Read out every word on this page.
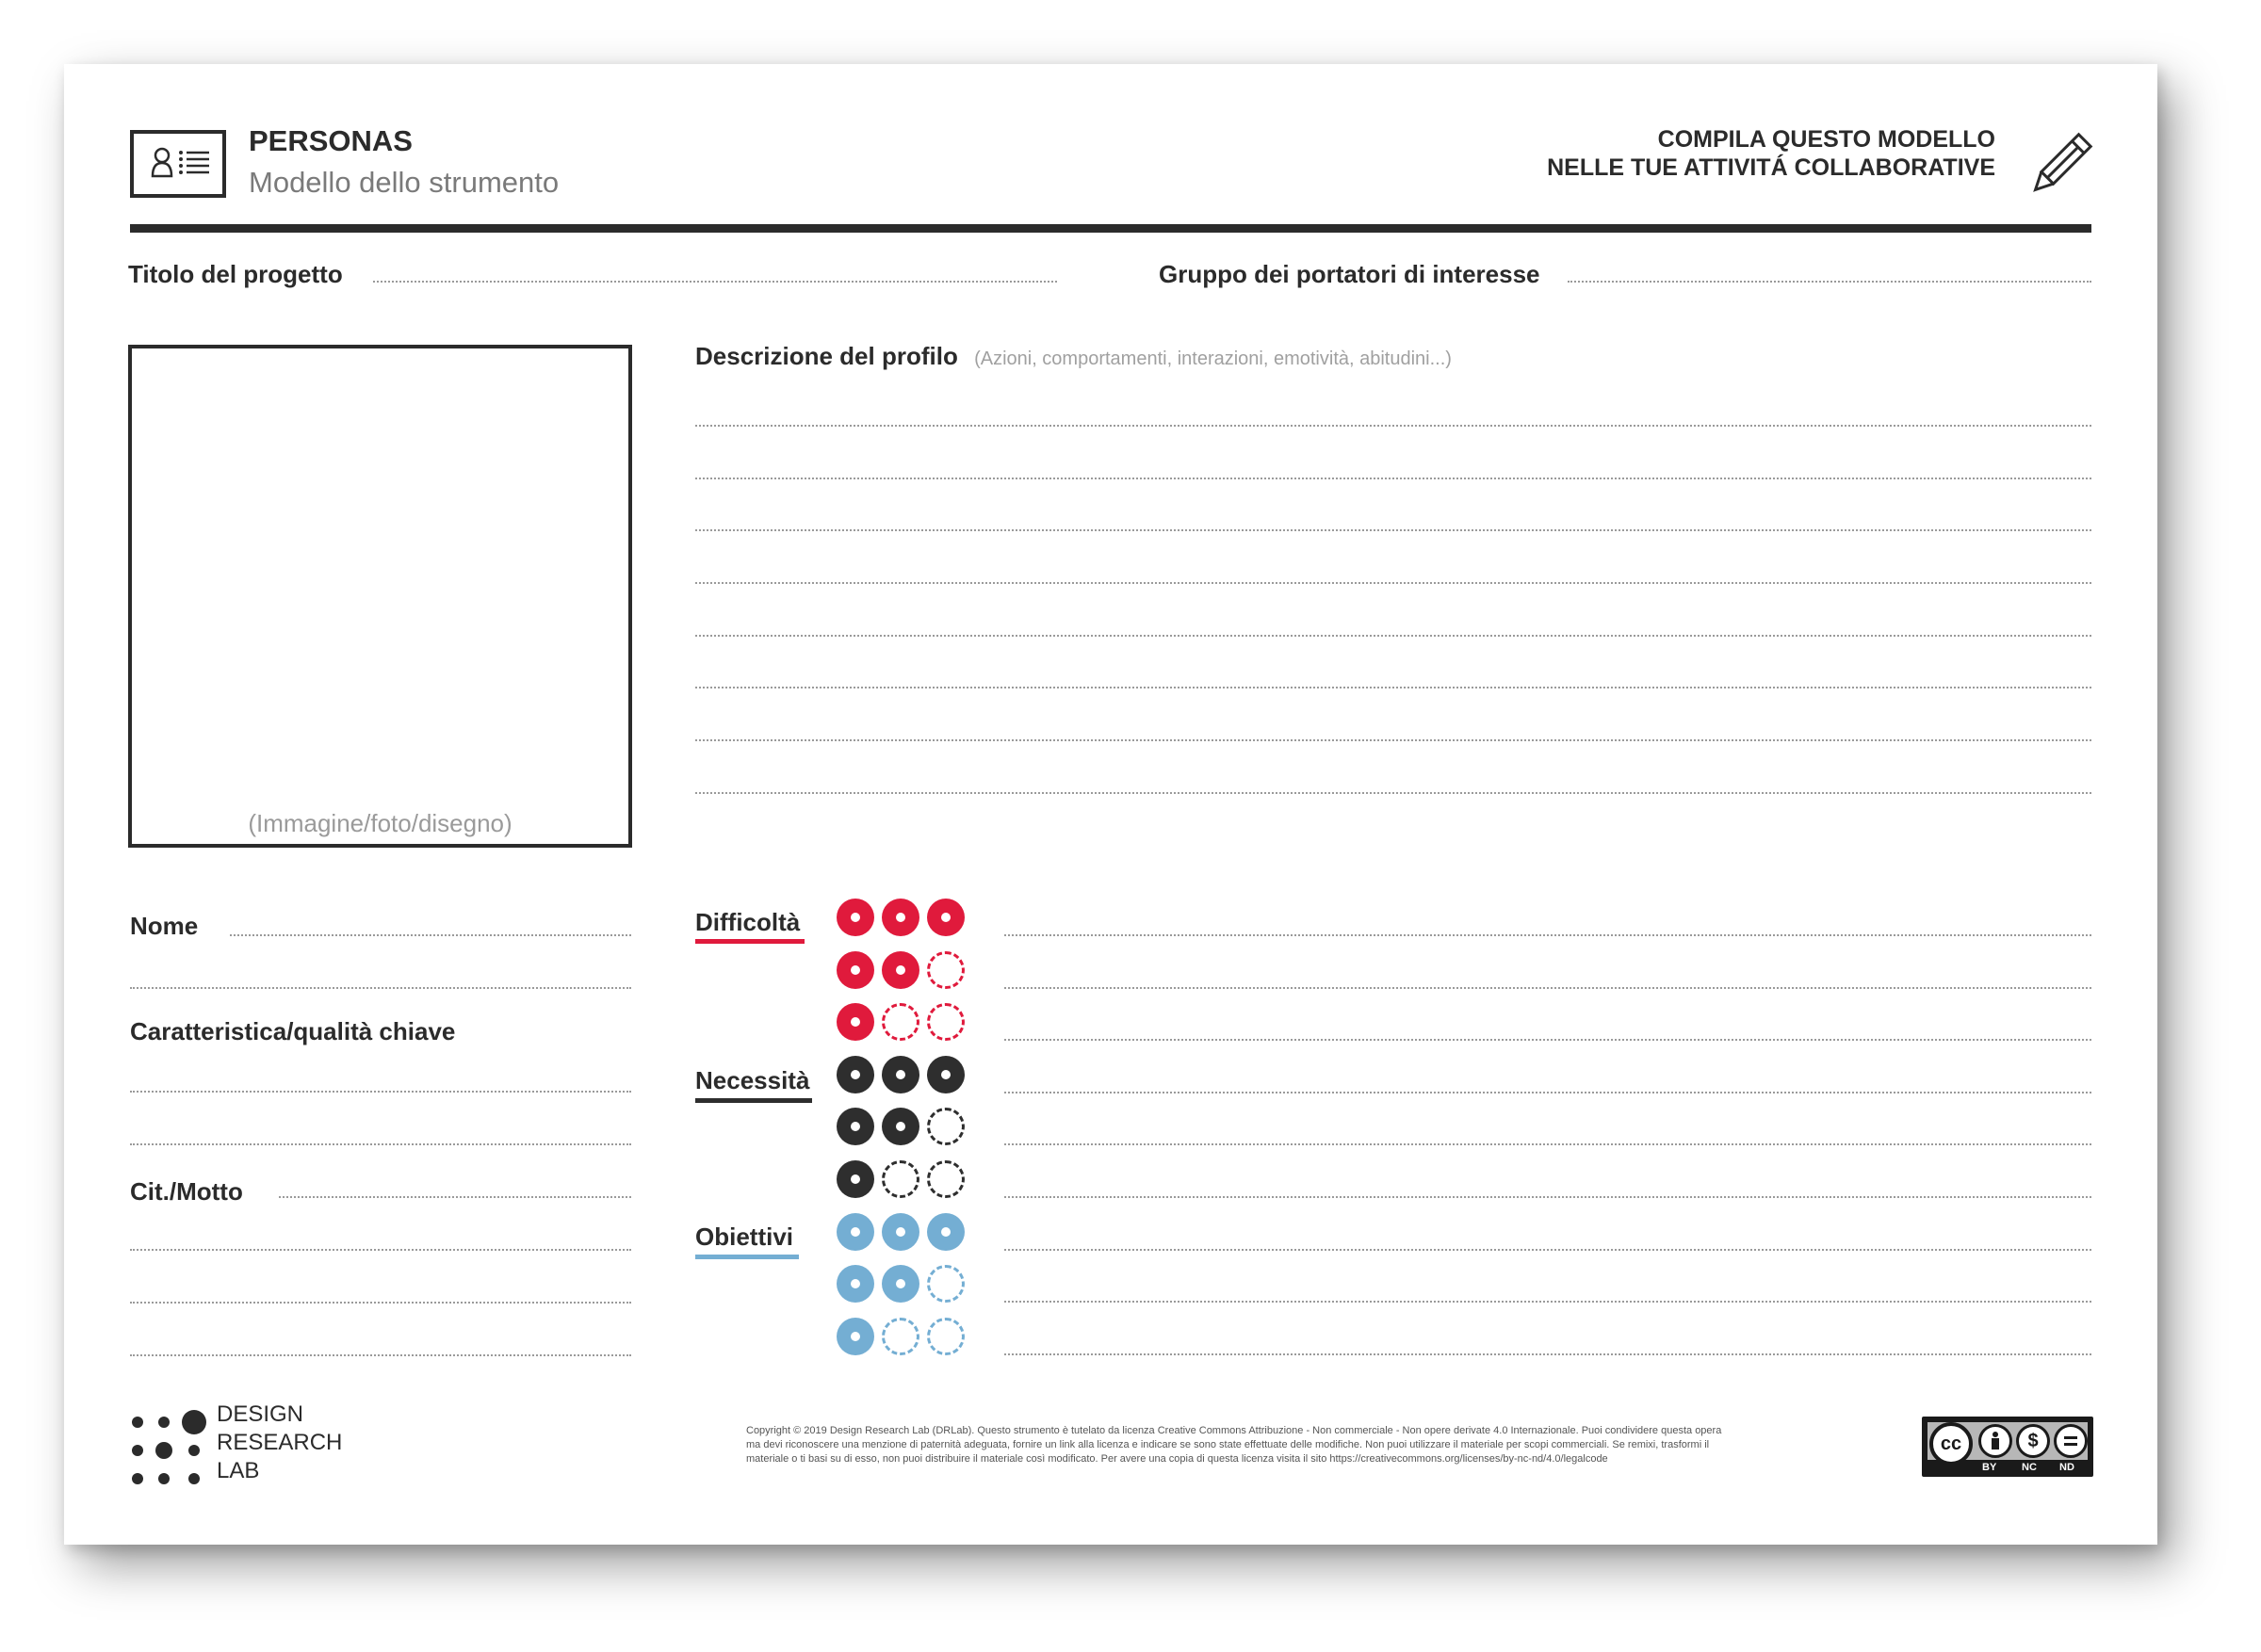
PERSONAS
Modello dello strumento
COMPILA QUESTO MODELLO
NELLE TUE ATTIVITÁ COLLABORATIVE
Titolo del progetto	Gruppo dei portatori di interesse
(Immagine/foto/disegno)
Descrizione del profilo (Azioni, comportamenti, interazioni, emotività, abitudini...)
Nome
Caratteristica/qualità chiave
Cit./Motto
Difficoltà
Necessità
Obiettivi
DESIGN
RESEARCH
LAB
Copyright © 2019 Design Research Lab (DRLab). Questo strumento è tutelato da licenza Creative Commons Attribuzione - Non commerciale - Non opere derivate 4.0 Internazionale. Puoi condividere questa opera
ma devi riconoscere una menzione di paternità adeguata, fornire un link alla licenza e indicare se sono state effettuate delle modifiche. Non puoi utilizzare il materiale per scopi commerciali. Se remixi, trasformi il
materiale o ti basi su di esso, non puoi distribuire il materiale così modificato. Per avere una copia di questa licenza visita il sito https://creativecommons.org/licenses/by-nc-nd/4.0/legalcode
cc	$
BY NC ND
